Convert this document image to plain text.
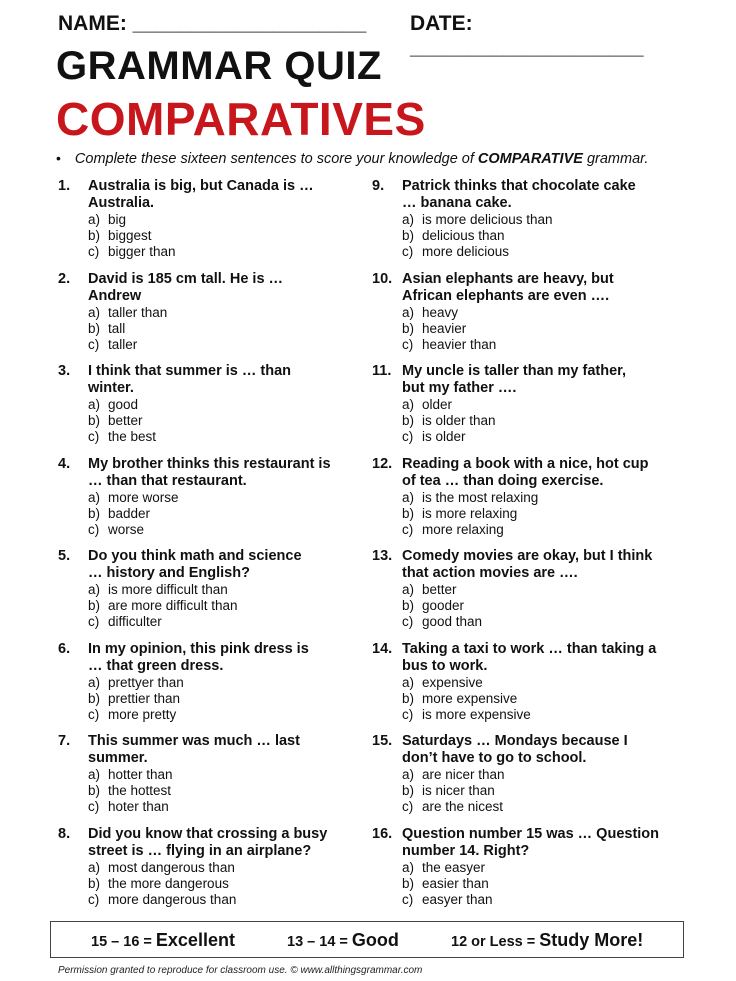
NAME: ____________________ DATE: ____________________
GRAMMAR QUIZ
COMPARATIVES
• Complete these sixteen sentences to score your knowledge of COMPARATIVE grammar.
1.	Australia is big, but Canada is …
Australia.
a) big
b) biggest
c) bigger than
2.	David is 185 cm tall. He is …
Andrew
a) taller than
b) tall
c) taller
3.	I think that summer is … than
winter.
a) good
b) better
c) the best
4.	My brother thinks this restaurant is
… than that restaurant.
a) more worse
b) badder
c) worse
5.	Do you think math and science
… history and English?
a) is more difficult than
b) are more difficult than
c) difficulter
6.	In my opinion, this pink dress is
… that green dress.
a) prettyer than
b) prettier than
c) more pretty
7.	This summer was much … last
summer.
a) hotter than
b) the hottest
c) hoter than
8.	Did you know that crossing a busy
street is … flying in an airplane?
a) most dangerous than
b) the more dangerous
c) more dangerous than
9.	Patrick thinks that chocolate cake
… banana cake.
a) is more delicious than
b) delicious than
c) more delicious
10. Asian elephants are heavy, but
African elephants are even ….
a) heavy
b) heavier
c) heavier than
11. My uncle is taller than my father,
but my father ….
a) older
b) is older than
c) is older
12. Reading a book with a nice, hot cup
of tea … than doing exercise.
a) is the most relaxing
b) is more relaxing
c) more relaxing
13. Comedy movies are okay, but I think
that action movies are ….
a) better
b) gooder
c) good than
14. Taking a taxi to work … than taking a
bus to work.
a) expensive
b) more expensive
c) is more expensive
15. Saturdays … Mondays because I
don’t have to go to school.
a) are nicer than
b) is nicer than
c) are the nicest
16. Question number 15 was … Question
number 14. Right?
a) the easyer
b) easier than
c) easyer than
15 – 16 = Excellent	13 – 14 = Good	12 or Less = Study More!
Permission granted to reproduce for classroom use. © www.allthingsgrammar.com
